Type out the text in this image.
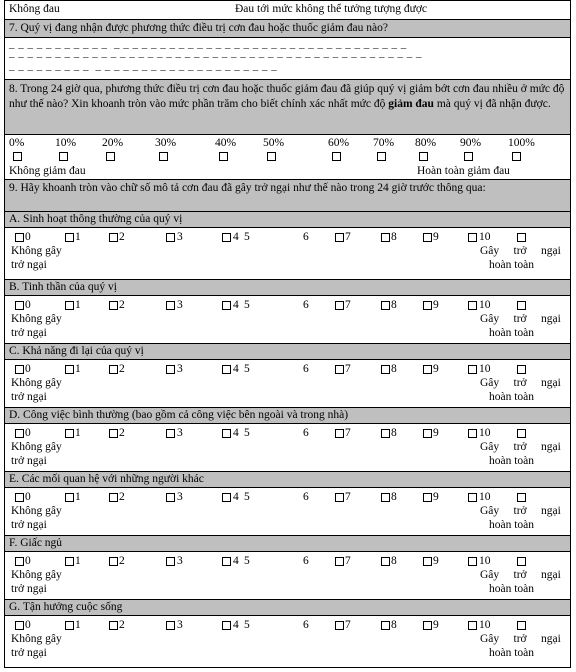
Không đau	Đau tới mức không thể tưởng tượng được
7. Quý vị đang nhận được phương thức điều trị cơn đau hoặc thuốc giảm đau nào?
– – – – – – – – – – –  – – – – – – – – – – – – – – – – – – – – – – – – – – – – – – – –
– – – – – – – – – – – – – – – – – – – – – – – – – – – – – – – – – – – – – – – – – – – – –
– – – – – – – – –  – – – – – – – – – – – – – – – – – – – –
8. Trong 24 giờ qua, phương thức điều trị cơn đau hoặc thuốc giảm đau đã giúp quý vị giảm bớt cơn đau nhiều ở mức độ như thế nào? Xin khoanh tròn vào mức phần trăm cho biết chính xác nhất mức độ giảm đau mà quý vị đã nhận được.
0%	10% 20%	30%	40% 50%	60% 70% 80% 90% 100%
Không giảm đau	Hoàn toàn giảm đau
9. Hãy khoanh tròn vào chữ số mô tả cơn đau đã gây trở ngại như thế nào trong 24 giờ trước thông qua:
A. Sinh hoạt thông thường của quý vị
0	1	2	3	4 5	6	7	8	9	10
Không gây
trở ngại
Gây     trở     ngại
hoàn toàn
B. Tinh thần của quý vị
0	1	2	3	4 5	6	7	8	9	10
Không gây
trở ngại
Gây     trở     ngại
hoàn toàn
C. Khả năng đi lại của quý vị
0	1	2	3	4 5	6	7	8	9	10
Không gây
trở ngại
Gây     trở     ngại
hoàn toàn
D. Công việc bình thường (bao gồm cả công việc bên ngoài và trong nhà)
0	1	2	3	4 5	6	7	8	9	10
Không gây
trở ngại
Gây     trở     ngại
hoàn toàn
E. Các mối quan hệ với những người khác
0	1	2	3	4 5	6	7	8	9	10
Không gây
trở ngại
Gây     trở     ngại
hoàn toàn
F. Giấc ngủ
0	1	2	3	4 5	6	7	8	9	10
Không gây
trở ngại
Gây     trở     ngại
hoàn toàn
G. Tận hưởng cuộc sống
0	1	2	3	4 5	6	7	8	9	10
Không gây
trở ngại
Gây     trở     ngại
hoàn toàn
